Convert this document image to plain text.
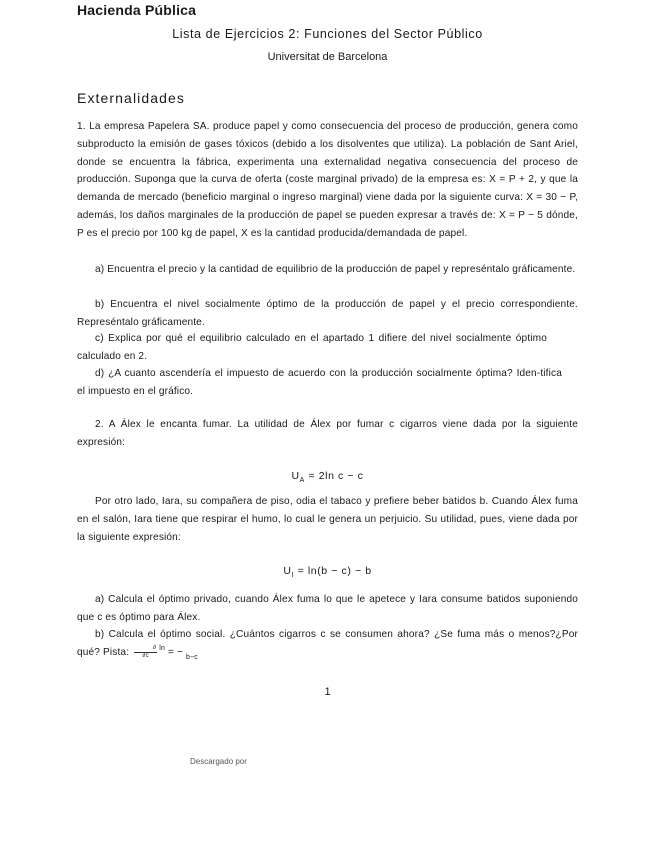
Hacienda Pública
Lista de Ejercicios 2: Funciones del Sector Público
Universitat de Barcelona
Externalidades
1. La empresa Papelera SA. produce papel y como consecuencia del proceso de producción, genera como subproducto la emisión de gases tóxicos (debido a los disolventes que utiliza). La población de Sant Ariel, donde se encuentra la fábrica, experimenta una externalidad negativa consecuencia del proceso de producción. Suponga que la curva de oferta (coste marginal privado) de la empresa es: X = P + 2, y que la demanda de mercado (beneficio marginal o ingreso marginal) viene dada por la siguiente curva: X = 30 − P, además, los daños marginales de la producción de papel se pueden expresar a través de: X = P − 5 dónde, P es el precio por 100 kg de papel, X es la cantidad producida/demandada de papel.
a) Encuentra el precio y la cantidad de equilibrio de la producción de papel y represéntalo gráficamente.
b) Encuentra el nivel socialmente óptimo de la producción de papel y el precio correspondiente. Represéntalo gráficamente.
c) Explica por qué el equilibrio calculado en el apartado 1 difiere del nivel socialmente óptimo calculado en 2.
d) ¿A cuanto ascendería el impuesto de acuerdo con la producción socialmente óptima? Iden-tifica el impuesto en el gráfico.
2. A Álex le encanta fumar. La utilidad de Álex por fumar c cigarros viene dada por la siguiente expresión:
$U_A = 2\ln$ c − c
Por otro lado, Iara, su compañera de piso, odia el tabaco y prefiere beber batidos b. Cuando Álex fuma en el salón, Iara tiene que respirar el humo, lo cual le genera un perjuicio. Su utilidad, pues, viene dada por la siguiente expresión:
$U_I = \ln(b - c) - b$
a) Calcula el óptimo privado, cuando Álex fuma lo que le apetece y Iara consume batidos suponiendo que c es óptimo para Álex.
b) Calcula el óptimo social. ¿Cuántos cigarros c se consumen ahora? ¿Se fuma más o menos?¿Por qué? Pista: $\frac{\partial}{\partial c} ^{ln}$ = − $_{b-c}$
1
Descargado por
